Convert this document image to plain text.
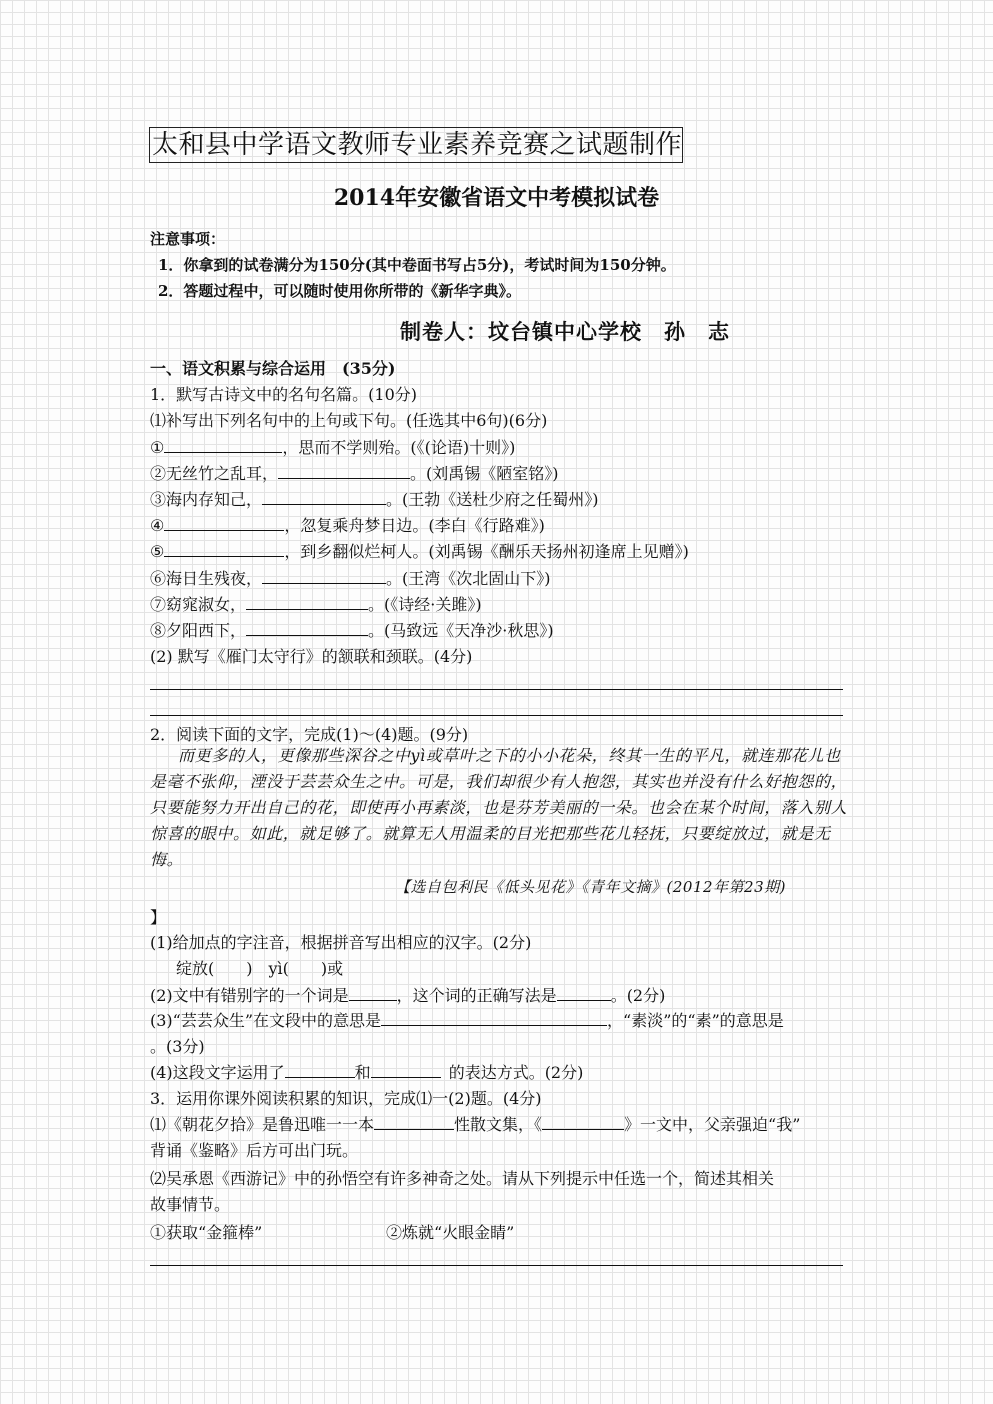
太和县中学语文教师专业素养竞赛之试题制作
2014年安徽省语文中考模拟试卷
注意事项：
1．你拿到的试卷满分为150分(其中卷面书写占5分)，考试时间为150分钟。
2．答题过程中，可以随时使用你所带的《新华字典》。
制卷人：坟台镇中心学校　孙　志
一、语文积累与综合运用　(35分)
1．默写古诗文中的名句名篇。(10分)
⑴补写出下列名句中的上句或下句。(任选其中6句)(6分)
①	，思而不学则殆。(《(论语)十则》)
②无丝竹之乱耳，	。(刘禹锡《陋室铭》)
③海内存知己，	。(王勃《送杜少府之任蜀州》)
④	，忽复乘舟梦日边。(李白《行路难》)
⑤	，到乡翻似烂柯人。(刘禹锡《酬乐天扬州初逢席上见赠》)
⑥海日生残夜，	。(王湾《次北固山下》)
⑦窈窕淑女，	。(《诗经·关雎》)
⑧夕阳西下，	。(马致远《天净沙·秋思》)
(2) 默写《雁门太守行》的颔联和颈联。(4分)
2．阅读下面的文字，完成(1)～(4)题。(9分)
而更多的人，更像那些深谷之中yì或草叶之下的小小花朵，终其一生的平凡，就连那花儿也是毫不张仰，湮没于芸芸众生之中。可是，我们却很少有人抱怨，其实也并没有什么好抱怨的，只要能努力开出自己的花，即使再小再素淡，也是芬芳美丽的一朵。也会在某个时间，落入别人惊喜的眼中。如此，就足够了。就算无人用温柔的目光把那些花儿轻抚，只要绽放过，就是无悔。
【选自包利民《低头见花》《青年文摘》(2012年第23期)
】
(1)给加点的字注音，根据拼音写出相应的汉字。(2分)
绽放(　　)　yì(　　)或
(2)文中有错别字的一个词是	，这个词的正确写法是	。(2分)
(3)“芸芸众生”在文段中的意思是	，“素淡”的“素”的意思是
。(3分)
(4)这段文字运用了	和	的表达方式。(2分)
3．运用你课外阅读积累的知识，完成⑴一(2)题。(4分)
⑴《朝花夕拾》是鲁迅唯一一本	性散文集，《	》一文中，父亲强迫“我”
背诵《鉴略》后方可出门玩。
⑵吴承恩《西游记》中的孙悟空有许多神奇之处。请从下列提示中任选一个，简述其相关
故事情节。
①获取“金箍棒”	②炼就“火眼金睛”
